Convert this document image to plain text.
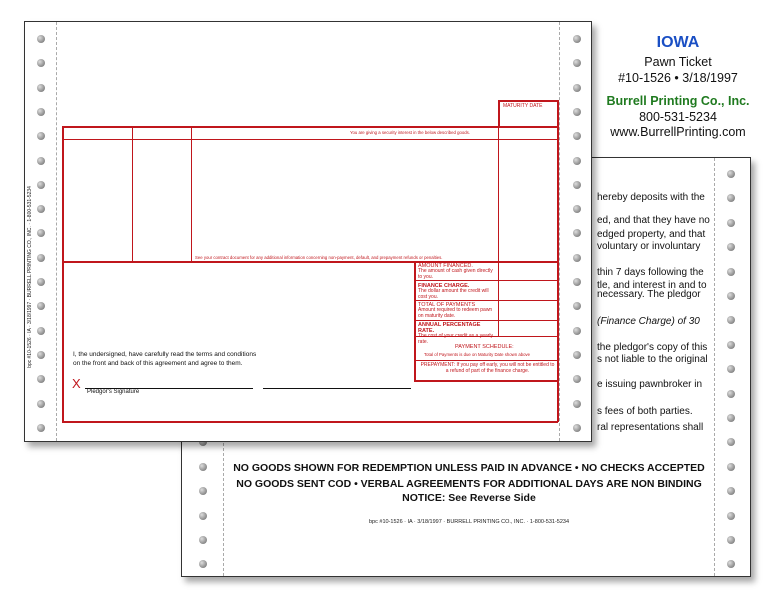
hereby deposits with the
ed, and that they have no
edged property, and that
voluntary or involuntary
thin 7 days following the
tle, and interest in and to
necessary. The pledgor
(Finance Charge) of 30
the pledgor's copy of this
s not liable to the original
e issuing pawnbroker in
s fees of both parties.
ral representations shall
NO GOODS SHOWN FOR REDEMPTION UNLESS PAID IN ADVANCE • NO CHECKS ACCEPTED
NO GOODS SENT COD • VERBAL AGREEMENTS FOR ADDITIONAL DAYS ARE NON BINDING
NOTICE: See Reverse Side
bpc #10-1526 · IA · 3/18/1997 · BURRELL PRINTING CO., INC. · 1-800-531-5234
bpc #10-1526 · IA · 3/18/1997 · BURRELL PRINTING CO., INC. · 1-800-531-5234
MATURITY DATE
You are giving a security interest in the below described goods.
See your contract document for any additional information concerning non-payment, default, and prepayment refunds or penalties.
AMOUNT FINANCED.
The amount of cash given directly to you.
FINANCE CHARGE.
The dollar amount the credit will cost you.
TOTAL OF PAYMENTS
Amount required to redeem pawn on maturity date.
ANNUAL PERCENTAGE RATE.
The cost of your credit as a yearly rate.
PAYMENT SCHEDULE:
Total of Payments is due on Maturity Date shown above
PREPAYMENT: If you pay off early, you will not be entitled to a refund of part of the finance charge.
I, the undersigned, have carefully read the terms and conditions on the front and back of this agreement and agree to them.
X
Pledgor's Signature
IOWA
Pawn Ticket
#10-1526 • 3/18/1997
Burrell Printing Co., Inc.
800-531-5234
www.BurrellPrinting.com
